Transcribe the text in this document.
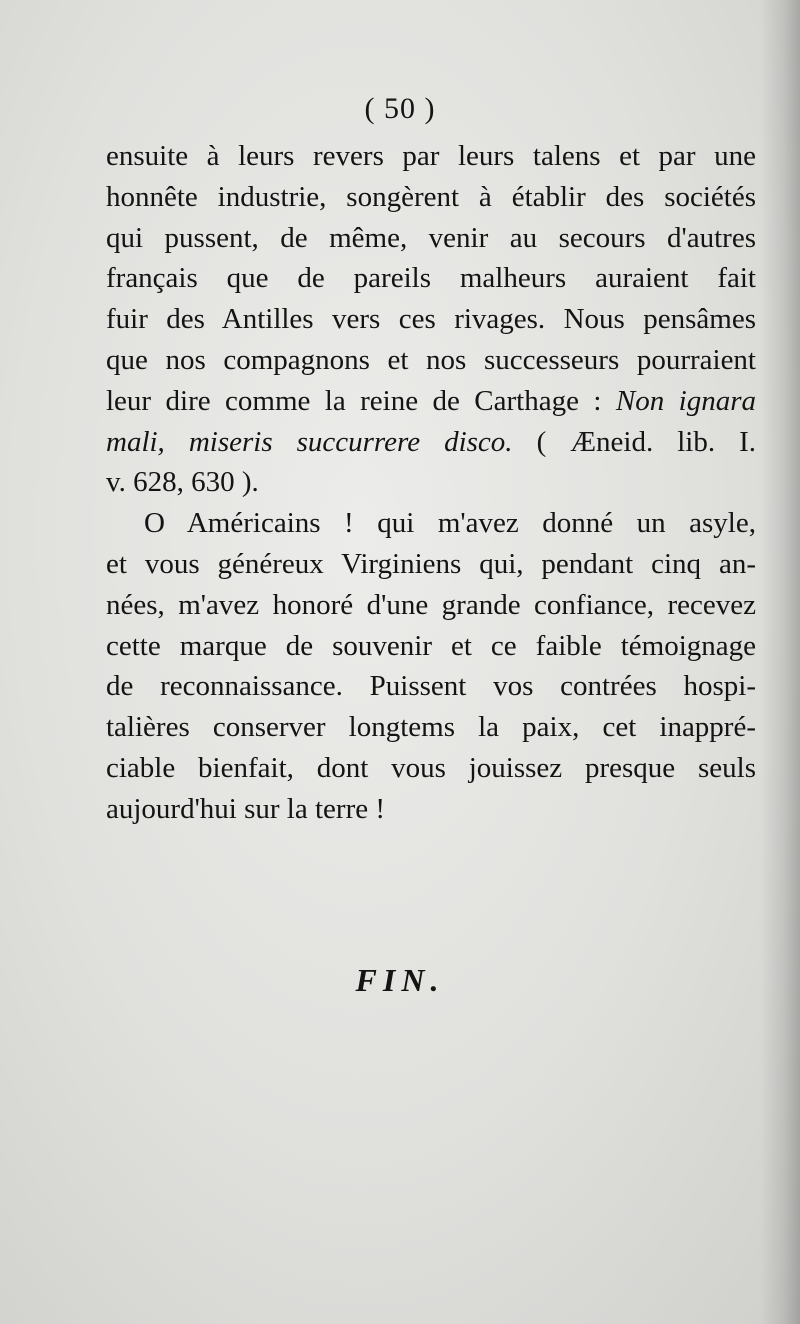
( 50 )
ensuite à leurs revers par leurs talens et par une
honnête industrie, songèrent à établir des sociétés
qui pussent, de même, venir au secours d'autres
français que de pareils malheurs auraient fait
fuir des Antilles vers ces rivages. Nous pensâmes
que nos compagnons et nos successeurs pourraient
leur dire comme la reine de Carthage : Non ignara
mali, miseris succurrere disco. ( Æneid. lib. I.
v. 628, 630 ).
O Américains ! qui m'avez donné un asyle,
et vous généreux Virginiens qui, pendant cinq an-
nées, m'avez honoré d'une grande confiance, recevez
cette marque de souvenir et ce faible témoignage
de reconnaissance. Puissent vos contrées hospi-
talières conserver longtems la paix, cet inappré-
ciable bienfait, dont vous jouissez presque seuls
aujourd'hui sur la terre !
FIN.
